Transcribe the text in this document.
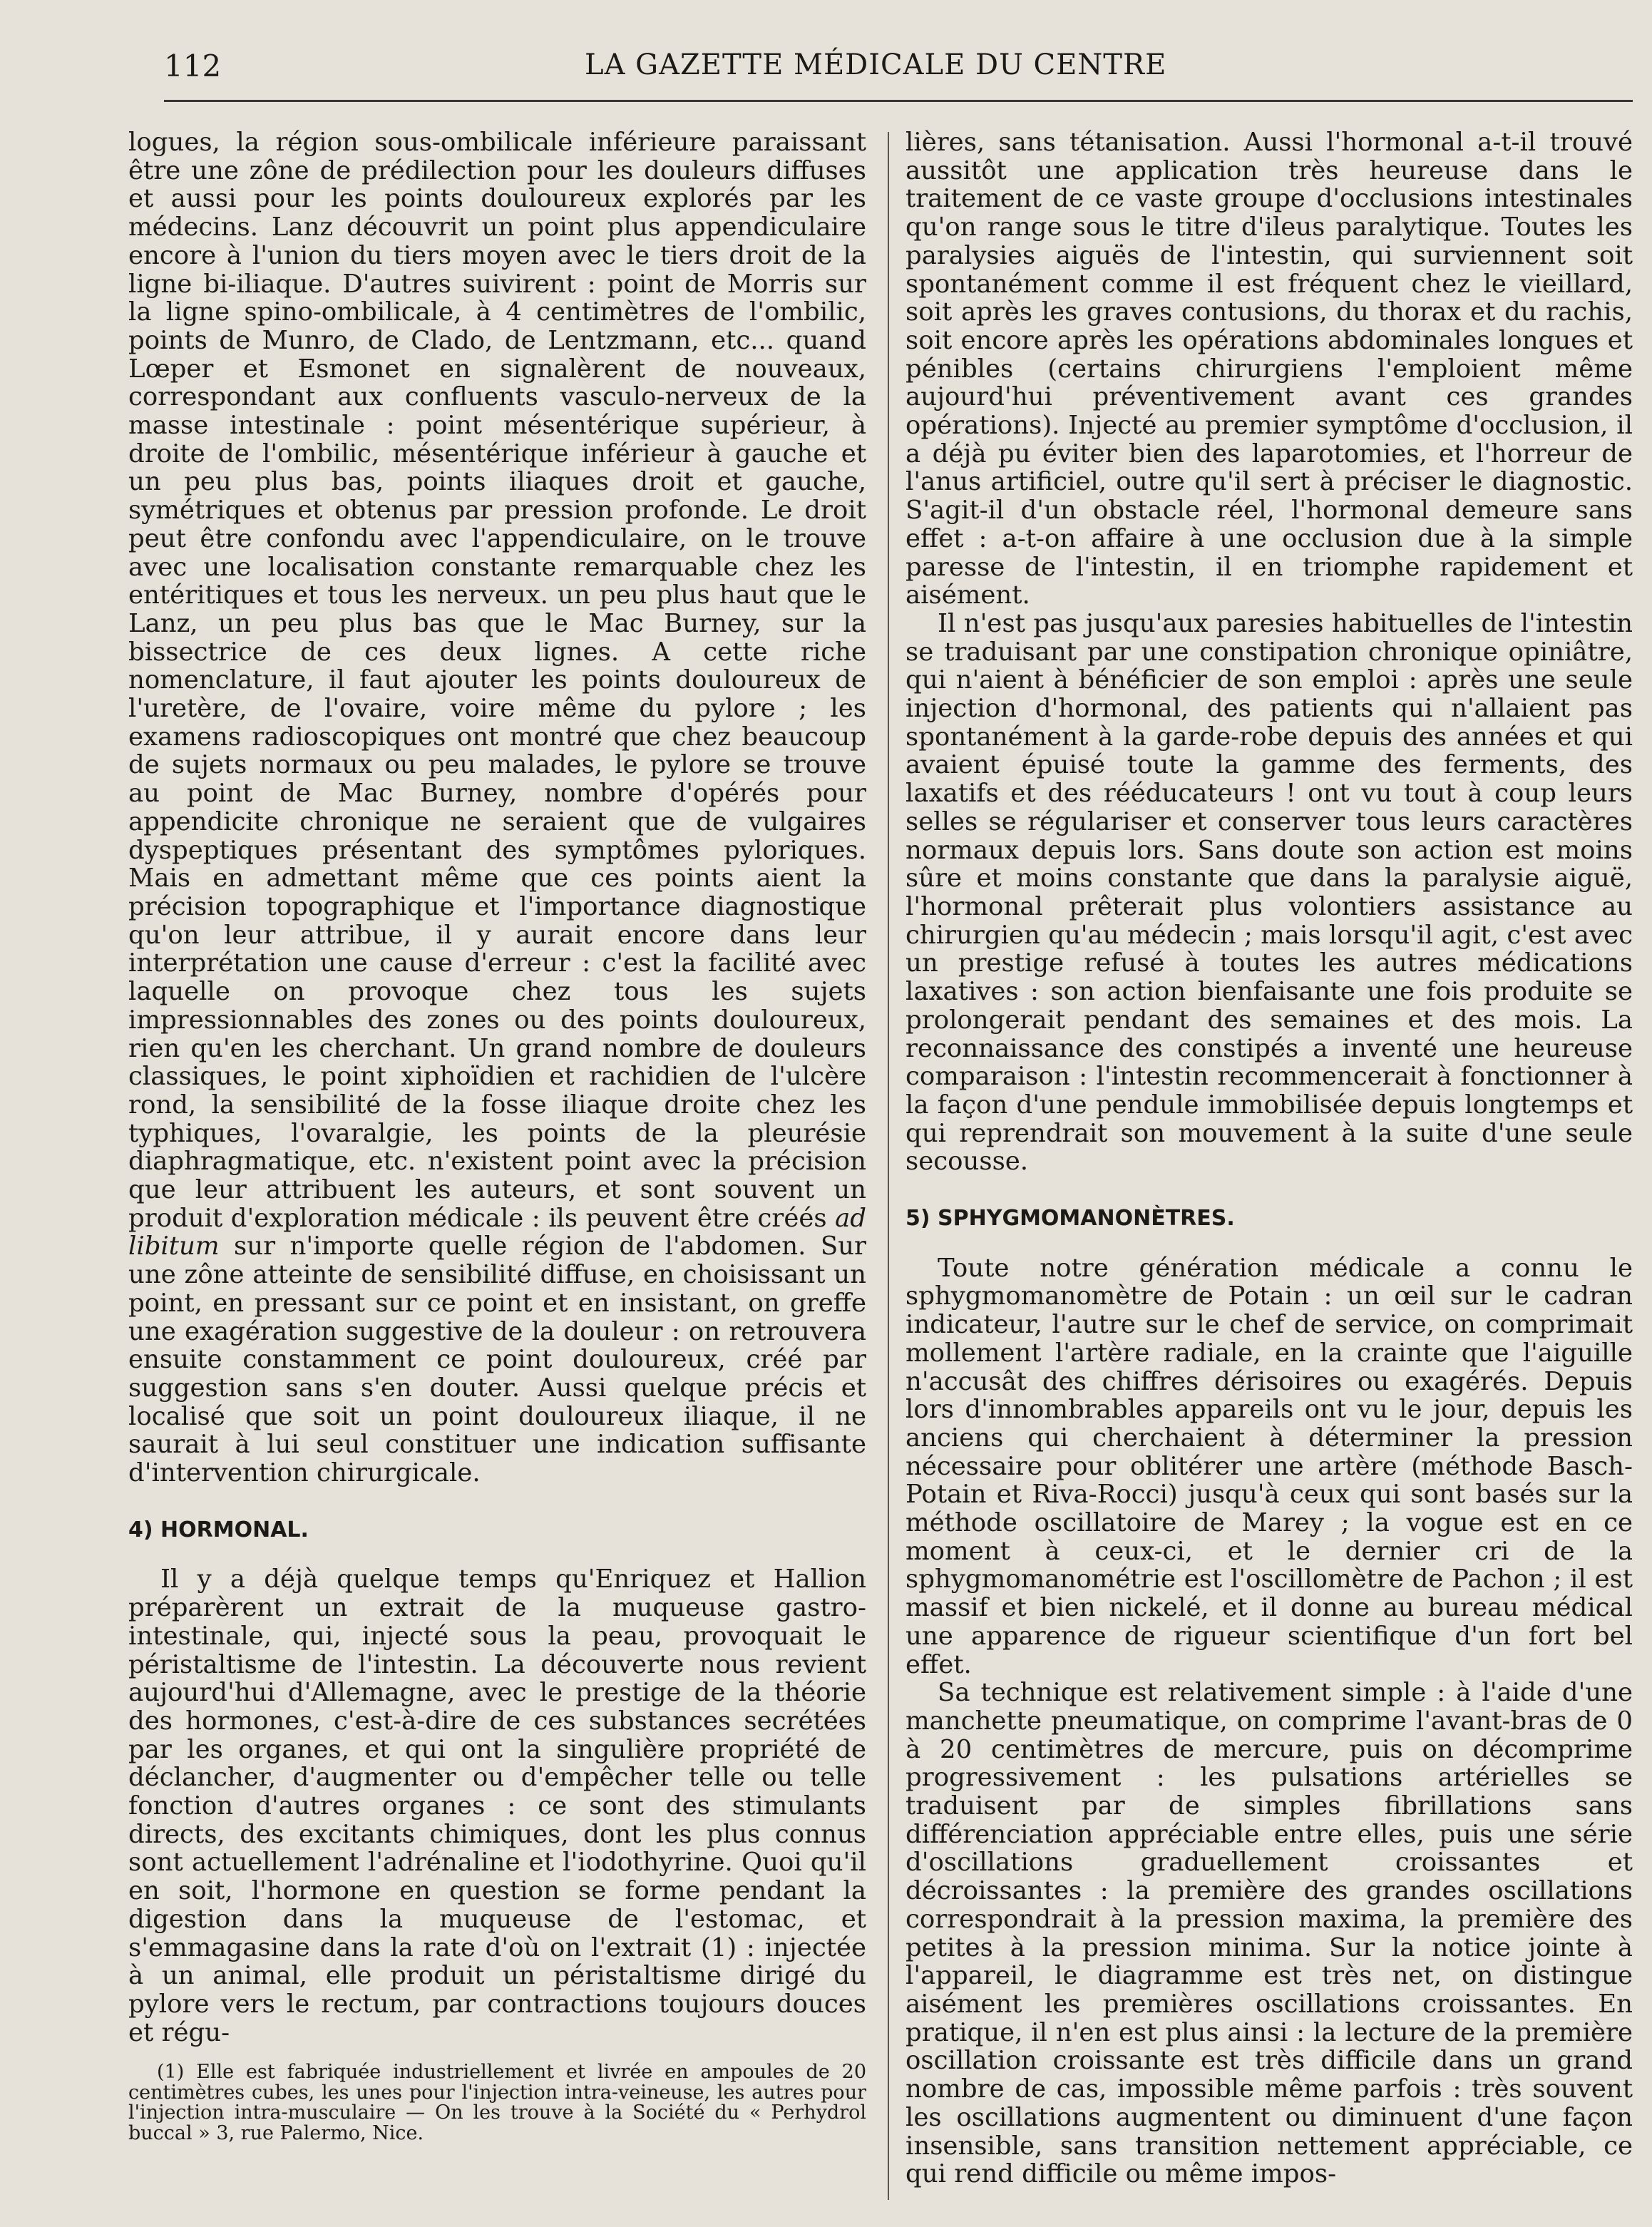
112	LA GAZETTE MÉDICALE DU CENTRE

logues, la région sous-ombilicale inférieure paraissant être une zône de prédilection pour les douleurs diffuses et aussi pour les points douloureux explorés par les médecins. Lanz découvrit un point plus appendiculaire encore à l'union du tiers moyen avec le tiers droit de la ligne bi-iliaque. D'autres suivirent : point de Morris sur la ligne spino-ombilicale, à 4 centimètres de l'ombilic, points de Munro, de Clado, de Lentzmann, etc... quand Lœper et Esmonet en signalèrent de nouveaux, correspondant aux confluents vasculo-nerveux de la masse intestinale : point mésentérique supérieur, à droite de l'ombilic, mésentérique inférieur à gauche et un peu plus bas, points iliaques droit et gauche, symétriques et obtenus par pression profonde. Le droit peut être confondu avec l'appendiculaire, on le trouve avec une localisation constante remarquable chez les entéritiques et tous les nerveux. un peu plus haut que le Lanz, un peu plus bas que le Mac Burney, sur la bissectrice de ces deux lignes. A cette riche nomenclature, il faut ajouter les points douloureux de l'uretère, de l'ovaire, voire même du pylore ; les examens radioscopiques ont montré que chez beaucoup de sujets normaux ou peu malades, le pylore se trouve au point de Mac Burney, nombre d'opérés pour appendicite chronique ne seraient que de vulgaires dyspeptiques présentant des symptômes pyloriques. Mais en admettant même que ces points aient la précision topographique et l'importance diagnostique qu'on leur attribue, il y aurait encore dans leur interprétation une cause d'erreur : c'est la facilité avec laquelle on provoque chez tous les sujets impressionnables des zones ou des points douloureux, rien qu'en les cherchant. Un grand nombre de douleurs classiques, le point xiphoïdien et rachidien de l'ulcère rond, la sensibilité de la fosse iliaque droite chez les typhiques, l'ovaralgie, les points de la pleurésie diaphragmatique, etc. n'existent point avec la précision que leur attribuent les auteurs, et sont souvent un produit d'exploration médicale : ils peuvent être créés ad libitum sur n'importe quelle région de l'abdomen. Sur une zône atteinte de sensibilité diffuse, en choisissant un point, en pressant sur ce point et en insistant, on greffe une exagération suggestive de la douleur : on retrouvera ensuite constamment ce point douloureux, créé par suggestion sans s'en douter. Aussi quelque précis et localisé que soit un point douloureux iliaque, il ne saurait à lui seul constituer une indication suffisante d'intervention chirurgicale.

4) HORMONAL.

Il y a déjà quelque temps qu'Enriquez et Hallion préparèrent un extrait de la muqueuse gastro-intestinale, qui, injecté sous la peau, provoquait le péristaltisme de l'intestin. La découverte nous revient aujourd'hui d'Allemagne, avec le prestige de la théorie des hormones, c'est-à-dire de ces substances secrétées par les organes, et qui ont la singulière propriété de déclancher, d'augmenter ou d'empêcher telle ou telle fonction d'autres organes : ce sont des stimulants directs, des excitants chimiques, dont les plus connus sont actuellement l'adrénaline et l'iodothyrine. Quoi qu'il en soit, l'hormone en question se forme pendant la digestion dans la muqueuse de l'estomac, et s'emmagasine dans la rate d'où on l'extrait (1) : injectée à un animal, elle produit un péristaltisme dirigé du pylore vers le rectum, par contractions toujours douces et régu-

(1) Elle est fabriquée industriellement et livrée en ampoules de 20 centimètres cubes, les unes pour l'injection intra-veineuse, les autres pour l'injection intra-musculaire — On les trouve à la Société du « Perhydrol buccal » 3, rue Palermo, Nice.

lières, sans tétanisation. Aussi l'hormonal a-t-il trouvé aussitôt une application très heureuse dans le traitement de ce vaste groupe d'occlusions intestinales qu'on range sous le titre d'ileus paralytique. Toutes les paralysies aiguës de l'intestin, qui surviennent soit spontanément comme il est fréquent chez le vieillard, soit après les graves contusions, du thorax et du rachis, soit encore après les opérations abdominales longues et pénibles (certains chirurgiens l'emploient même aujourd'hui préventivement avant ces grandes opérations). Injecté au premier symptôme d'occlusion, il a déjà pu éviter bien des laparotomies, et l'horreur de l'anus artificiel, outre qu'il sert à préciser le diagnostic. S'agit-il d'un obstacle réel, l'hormonal demeure sans effet : a-t-on affaire à une occlusion due à la simple paresse de l'intestin, il en triomphe rapidement et aisément.

Il n'est pas jusqu'aux paresies habituelles de l'intestin se traduisant par une constipation chronique opiniâtre, qui n'aient à bénéficier de son emploi : après une seule injection d'hormonal, des patients qui n'allaient pas spontanément à la garde-robe depuis des années et qui avaient épuisé toute la gamme des ferments, des laxatifs et des rééducateurs ! ont vu tout à coup leurs selles se régulariser et conserver tous leurs caractères normaux depuis lors. Sans doute son action est moins sûre et moins constante que dans la paralysie aiguë, l'hormonal prêterait plus volontiers assistance au chirurgien qu'au médecin ; mais lorsqu'il agit, c'est avec un prestige refusé à toutes les autres médications laxatives : son action bienfaisante une fois produite se prolongerait pendant des semaines et des mois. La reconnaissance des constipés a inventé une heureuse comparaison : l'intestin recommencerait à fonctionner à la façon d'une pendule immobilisée depuis longtemps et qui reprendrait son mouvement à la suite d'une seule secousse.

5) SPHYGMOMANONÈTRES.

Toute notre génération médicale a connu le sphygmomanomètre de Potain : un œil sur le cadran indicateur, l'autre sur le chef de service, on comprimait mollement l'artère radiale, en la crainte que l'aiguille n'accusât des chiffres dérisoires ou exagérés. Depuis lors d'innombrables appareils ont vu le jour, depuis les anciens qui cherchaient à déterminer la pression nécessaire pour oblitérer une artère (méthode Basch-Potain et Riva-Rocci) jusqu'à ceux qui sont basés sur la méthode oscillatoire de Marey ; la vogue est en ce moment à ceux-ci, et le dernier cri de la sphygmomanométrie est l'oscillomètre de Pachon ; il est massif et bien nickelé, et il donne au bureau médical une apparence de rigueur scientifique d'un fort bel effet.

Sa technique est relativement simple : à l'aide d'une manchette pneumatique, on comprime l'avant-bras de 0 à 20 centimètres de mercure, puis on décomprime progressivement : les pulsations artérielles se traduisent par de simples fibrillations sans différenciation appréciable entre elles, puis une série d'oscillations graduellement croissantes et décroissantes : la première des grandes oscillations correspondrait à la pression maxima, la première des petites à la pression minima. Sur la notice jointe à l'appareil, le diagramme est très net, on distingue aisément les premières oscillations croissantes. En pratique, il n'en est plus ainsi : la lecture de la première oscillation croissante est très difficile dans un grand nombre de cas, impossible même parfois : très souvent les oscillations augmentent ou diminuent d'une façon insensible, sans transition nettement appréciable, ce qui rend difficile ou même impos-
